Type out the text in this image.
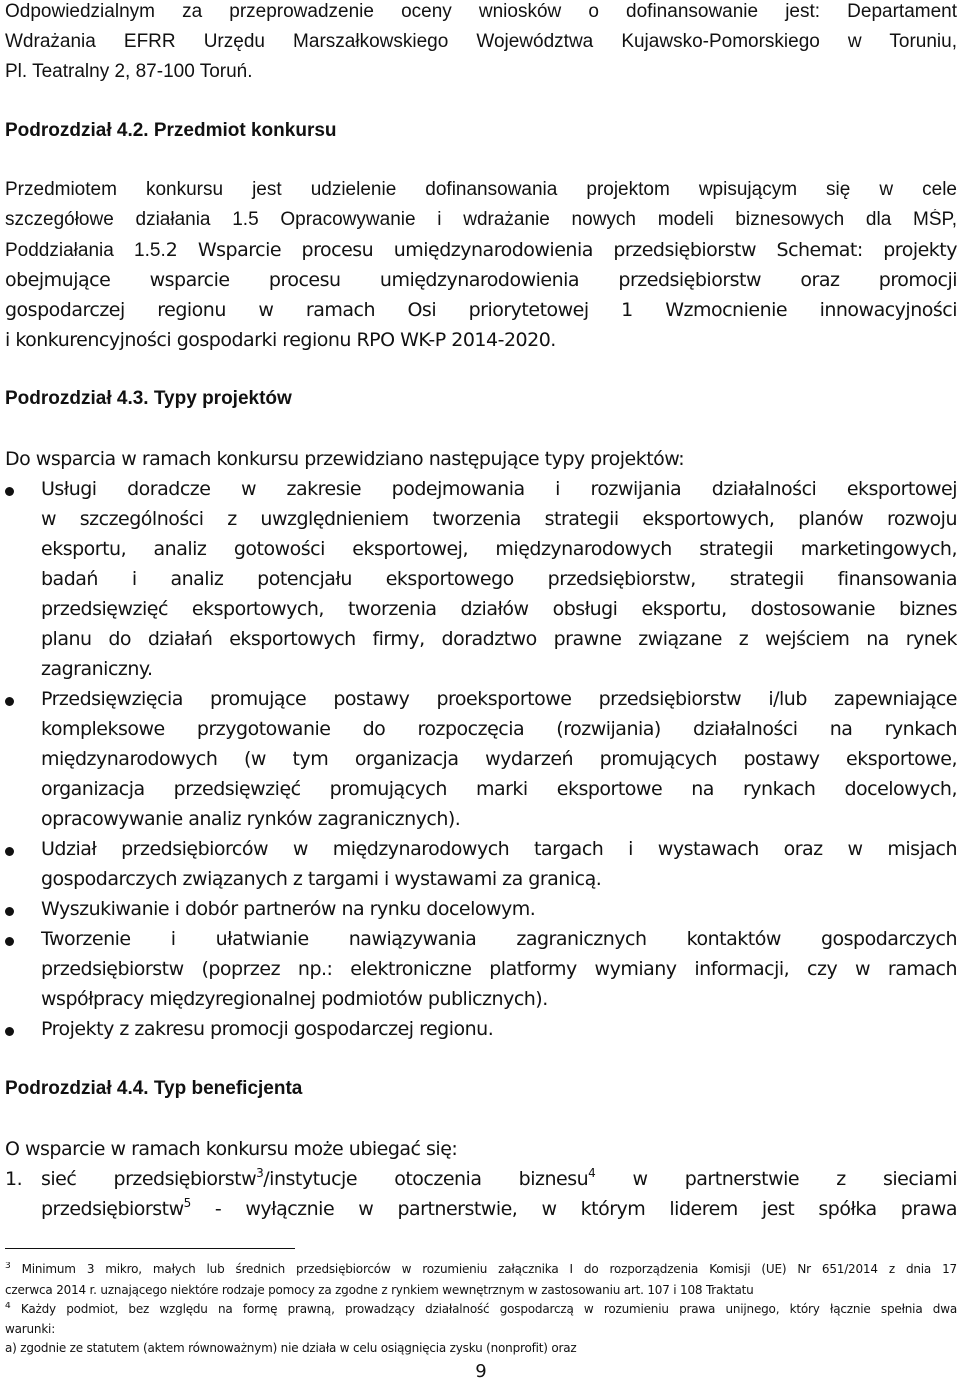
Odpowiedzialnym za przeprowadzenie oceny wniosków o dofinansowanie jest: Departament
Wdrażania EFRR Urzędu Marszałkowskiego Województwa Kujawsko-Pomorskiego w Toruniu,
Pl. Teatralny 2, 87-100 Toruń.
Podrozdział 4.2. Przedmiot konkursu
Przedmiotem konkursu jest udzielenie dofinansowania projektom wpisującym się w cele
szczegółowe działania 1.5 Opracowywanie i wdrażanie nowych modeli biznesowych dla MŚP,
Poddziałania 1.5.2 Wsparcie procesu umiędzynarodowienia przedsiębiorstw Schemat: projekty
obejmujące wsparcie procesu umiędzynarodowienia przedsiębiorstw oraz promocji
gospodarczej regionu w ramach Osi priorytetowej 1 Wzmocnienie innowacyjności
i konkurencyjności gospodarki regionu RPO WK-P 2014-2020.
Podrozdział 4.3. Typy projektów
Do wsparcia w ramach konkursu przewidziano następujące typy projektów:
Usługi doradcze w zakresie podejmowania i rozwijania działalności eksportowej
w szczególności z uwzględnieniem tworzenia strategii eksportowych, planów rozwoju
eksportu, analiz gotowości eksportowej, międzynarodowych strategii marketingowych,
badań i analiz potencjału eksportowego przedsiębiorstw, strategii finansowania
przedsięwzięć eksportowych, tworzenia działów obsługi eksportu, dostosowanie biznes
planu do działań eksportowych firmy, doradztwo prawne związane z wejściem na rynek
zagraniczny.
Przedsięwzięcia promujące postawy proeksportowe przedsiębiorstw i/lub zapewniające
kompleksowe przygotowanie do rozpoczęcia (rozwijania) działalności na rynkach
międzynarodowych (w tym organizacja wydarzeń promujących postawy eksportowe,
organizacja przedsięwzięć promujących marki eksportowe na rynkach docelowych,
opracowywanie analiz rynków zagranicznych).
Udział przedsiębiorców w międzynarodowych targach i wystawach oraz w misjach
gospodarczych związanych z targami i wystawami za granicą.
Wyszukiwanie i dobór partnerów na rynku docelowym.
Tworzenie i ułatwianie nawiązywania zagranicznych kontaktów gospodarczych
przedsiębiorstw (poprzez np.: elektroniczne platformy wymiany informacji, czy w ramach
współpracy międzyregionalnej podmiotów publicznych).
Projekty z zakresu promocji gospodarczej regionu.
Podrozdział 4.4. Typ beneficjenta
O wsparcie w ramach konkursu może ubiegać się:
1. sieć przedsiębiorstw$^3$/instytucje otoczenia biznesu$^4$ w partnerstwie z sieciami
przedsiębiorstw$^5$ - wyłącznie w partnerstwie, w którym liderem jest spółka prawa
$^3$ Minimum 3 mikro, małych lub średnich przedsiębiorców w rozumieniu załącznika I do rozporządzenia Komisji (UE) Nr 651/2014 z dnia 17
czerwca 2014 r. uznającego niektóre rodzaje pomocy za zgodne z rynkiem wewnętrznym w zastosowaniu art. 107 i 108 Traktatu
$^4$ Każdy podmiot, bez względu na formę prawną, prowadzący działalność gospodarczą w rozumieniu prawa unijnego, który łącznie spełnia dwa
warunki:
a) zgodnie ze statutem (aktem równoważnym) nie działa w celu osiągnięcia zysku (nonprofit) oraz
9
